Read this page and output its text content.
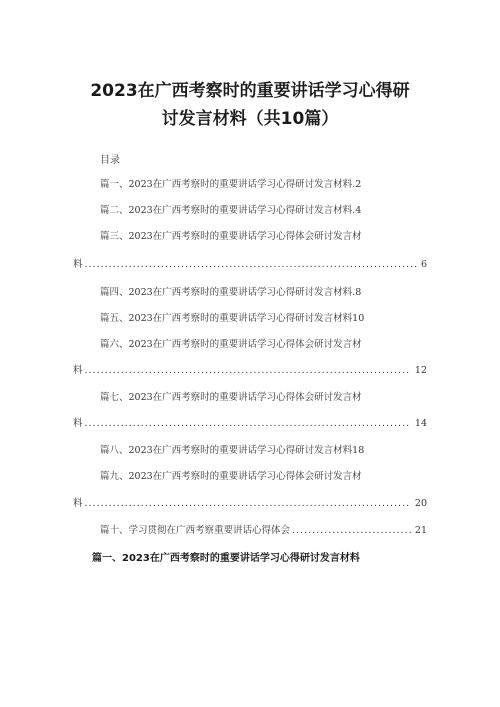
2023在广西考察时的重要讲话学习心得研
讨发言材料（共10篇）
目录
篇一、2023在广西考察时的重要讲话学习心得研讨发言材料.2
篇二、2023在广西考察时的重要讲话学习心得研讨发言材料.4
篇三、2023在广西考察时的重要讲话学习心得体会研讨发言材
料 .....	6
篇四、2023在广西考察时的重要讲话学习心得研讨发言材料.8
篇五、2023在广西考察时的重要讲话学习心得研讨发言材料10
篇六、2023在广西考察时的重要讲话学习心得体会研讨发言材
料 .....	12
篇七、2023在广西考察时的重要讲话学习心得体会研讨发言材
料 .....	14
篇八、2023在广西考察时的重要讲话学习心得研讨发言材料18
篇九、2023在广西考察时的重要讲话学习心得体会研讨发言材
料 .....	20
篇十、学习贯彻在广西考察重要讲话心得体会 .....	21
篇一、2023在广西考察时的重要讲话学习心得研讨发言材料
